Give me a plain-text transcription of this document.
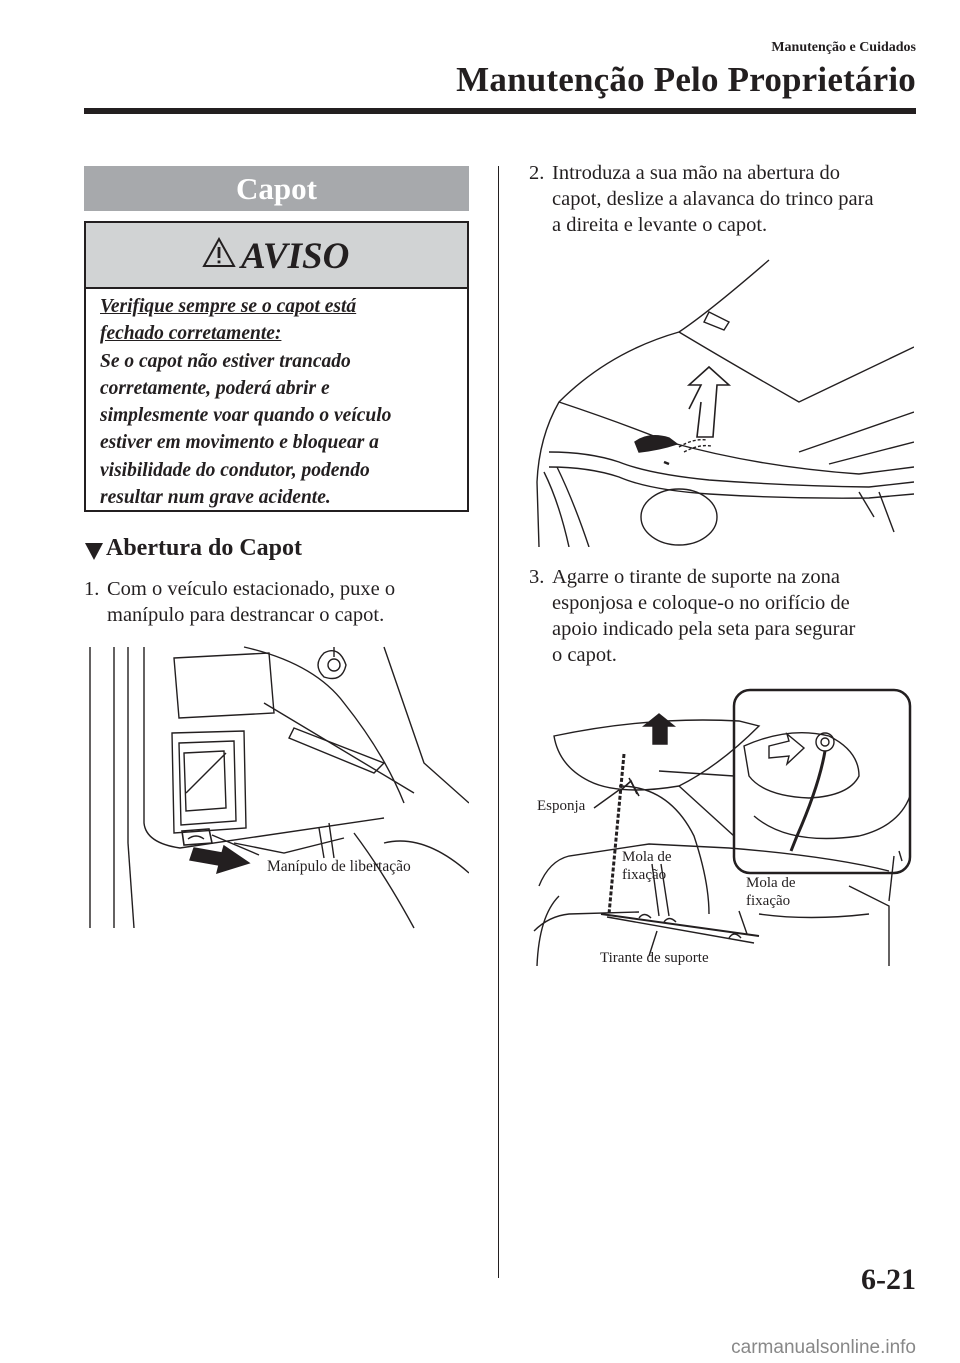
Manutenção e Cuidados
Manutenção Pelo Proprietário
Capot
AVISO
Verifique sempre se o capot está
fechado corretamente:
Se o capot não estiver trancado
corretamente, poderá abrir e
simplesmente voar quando o veículo
estiver em movimento e bloquear a
visibilidade do condutor, podendo
resultar num grave acidente.
Abertura do Capot
1. Com o veículo estacionado, puxe o
manípulo para destrancar o capot.
Manípulo de libertação
2. Introduza a sua mão na abertura do
capot, deslize a alavanca do trinco para
a direita e levante o capot.
3. Agarre o tirante de suporte na zona
esponjosa e coloque-o no orifício de
apoio indicado pela seta para segurar
o capot.
Esponja
Mola de
fixação	Mola de
fixação
Tirante de suporte
6-21
carmanualsonline.info
